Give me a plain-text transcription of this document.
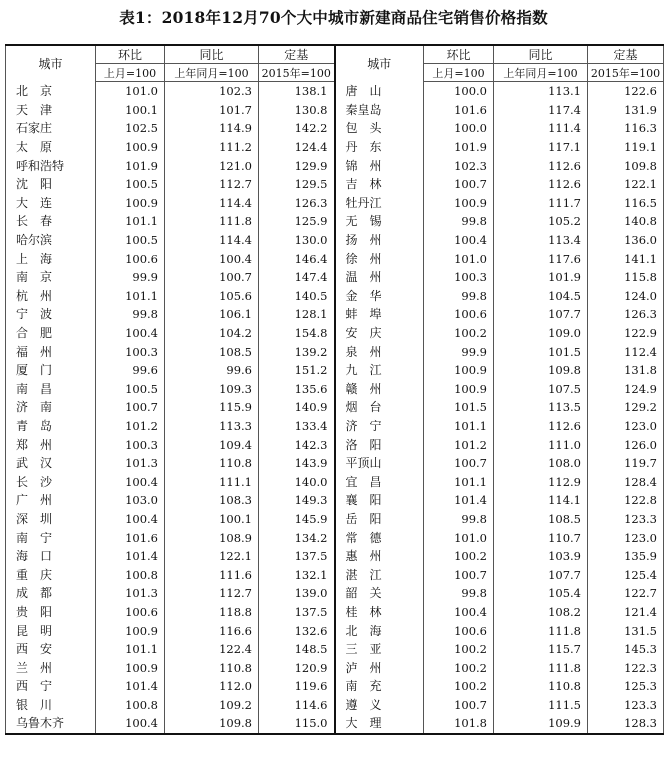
表1：2018年12月70个大中城市新建商品住宅销售价格指数
城市	环比	同比	定基	城市	环比	同比	定基
	上月=100	上年同月=100	2015年=100		上月=100	上年同月=100	2015年=100
北　京	101.0	102.3	138.1	唐　山	100.0	113.1	122.6
天　津	100.1	101.7	130.8	秦皇岛	101.6	117.4	131.9
石家庄	102.5	114.9	142.2	包　头	100.0	111.4	116.3
太　原	100.9	111.2	124.4	丹　东	101.9	117.1	119.1
呼和浩特	101.9	121.0	129.9	锦　州	102.3	112.6	109.8
沈　阳	100.5	112.7	129.5	吉　林	100.7	112.6	122.1
大　连	100.9	114.4	126.3	牡丹江	100.9	111.7	116.5
长　春	101.1	111.8	125.9	无　锡	99.8	105.2	140.8
哈尔滨	100.5	114.4	130.0	扬　州	100.4	113.4	136.0
上　海	100.6	100.4	146.4	徐　州	101.0	117.6	141.1
南　京	99.9	100.7	147.4	温　州	100.3	101.9	115.8
杭　州	101.1	105.6	140.5	金　华	99.8	104.5	124.0
宁　波	99.8	106.1	128.1	蚌　埠	100.6	107.7	126.3
合　肥	100.4	104.2	154.8	安　庆	100.2	109.0	122.9
福　州	100.3	108.5	139.2	泉　州	99.9	101.5	112.4
厦　门	99.6	99.6	151.2	九　江	100.9	109.8	131.8
南　昌	100.5	109.3	135.6	赣　州	100.9	107.5	124.9
济　南	100.7	115.9	140.9	烟　台	101.5	113.5	129.2
青　岛	101.2	113.3	133.4	济　宁	101.1	112.6	123.0
郑　州	100.3	109.4	142.3	洛　阳	101.2	111.0	126.0
武　汉	101.3	110.8	143.9	平顶山	100.7	108.0	119.7
长　沙	100.4	111.1	140.0	宜　昌	101.1	112.9	128.4
广　州	103.0	108.3	149.3	襄　阳	101.4	114.1	122.8
深　圳	100.4	100.1	145.9	岳　阳	99.8	108.5	123.3
南　宁	101.6	108.9	134.2	常　德	101.0	110.7	123.0
海　口	101.4	122.1	137.5	惠　州	100.2	103.9	135.9
重　庆	100.8	111.6	132.1	湛　江	100.7	107.7	125.4
成　都	101.3	112.7	139.0	韶　关	99.8	105.4	122.7
贵　阳	100.6	118.8	137.5	桂　林	100.4	108.2	121.4
昆　明	100.9	116.6	132.6	北　海	100.6	111.8	131.5
西　安	101.1	122.4	148.5	三　亚	100.2	115.7	145.3
兰　州	100.9	110.8	120.9	泸　州	100.2	111.8	122.3
西　宁	101.4	112.0	119.6	南　充	100.2	110.8	125.3
银　川	100.8	109.2	114.6	遵　义	100.7	111.5	123.3
乌鲁木齐	100.4	109.8	115.0	大　理	101.8	109.9	128.3
